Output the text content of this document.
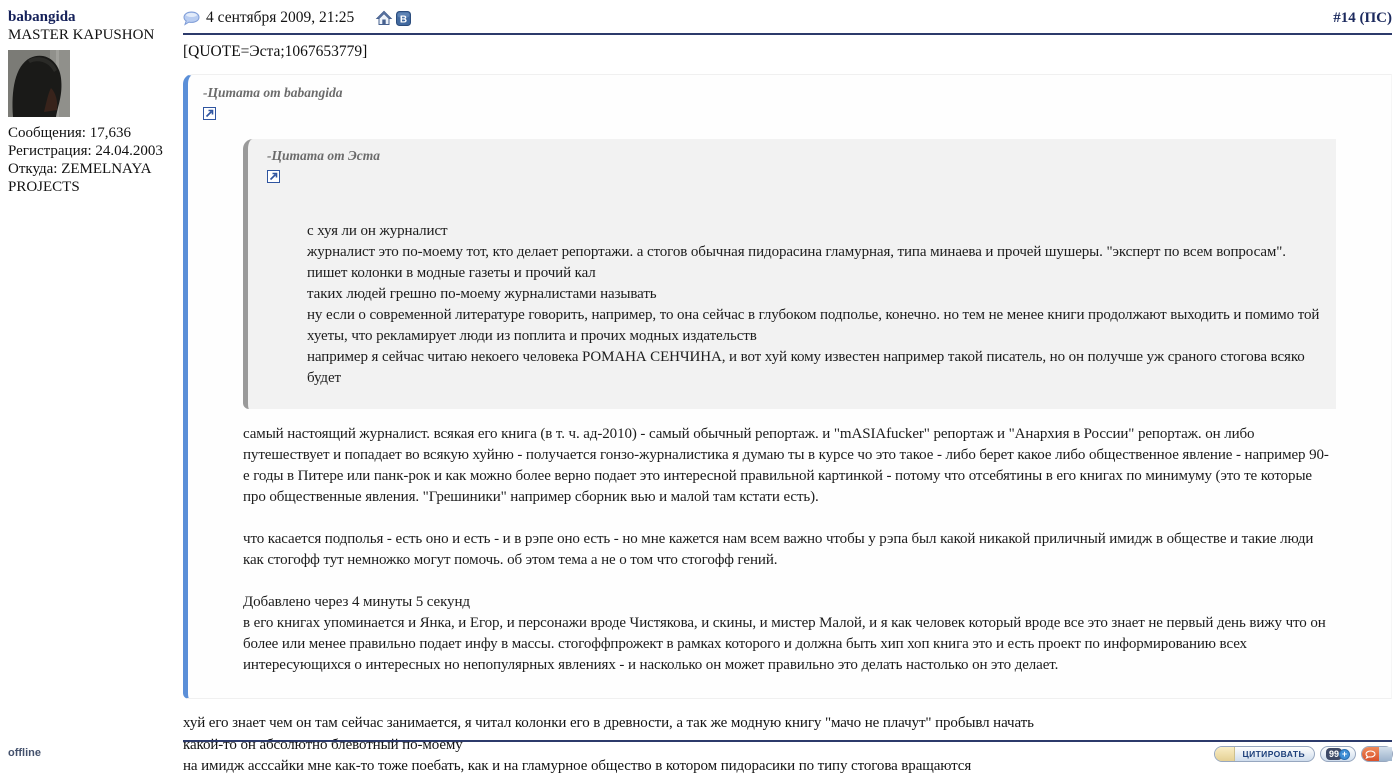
babangida
MASTER KAPUSHON
Сообщения: 17,636
Регистрация: 24.04.2003
Откуда: ZEMELNAYA PROJECTS
4 сентября 2009, 21:25	B	#14 (ПС)
[QUOTE=Эста;1067653779]
-Цитата от babangida
-Цитата от Эста
с хуя ли он журналист
журналист это по-моему тот, кто делает репортажи. а стогов обычная пидорасина гламурная, типа минаева и прочей шушеры. "эксперт по всем вопросам". пишет колонки в модные газеты и прочий кал
таких людей грешно по-моему журналистами называть
ну если о современной литературе говорить, например, то она сейчас в глубоком подполье, конечно. но тем не менее книги продолжают выходить и помимо той хуеты, что рекламирует люди из поплита и прочих модных издательств
например я сейчас читаю некоего человека РОМАНА СЕНЧИНА, и вот хуй кому известен например такой писатель, но он получше уж сраного стогова всяко будет

самый настоящий журналист. всякая его книга (в т. ч. ад-2010) - самый обычный репортаж. и "mASIAfucker" репортаж и "Анархия в России" репортаж. он либо путешествует и попадает во всякую хуйню - получается гонзо-журналистика я думаю ты в курсе чо это такое - либо берет какое либо общественное явление - например 90-е годы в Питере или панк-рок и как можно более верно подает это интересной правильной картинкой - потому что отсебятины в его книгах по минимуму (это те которые про общественные явления. "Грешиники" например сборник вью и малой там кстати есть).

что касается подполья - есть оно и есть - и в рэпе оно есть - но мне кажется нам всем важно чтобы у рэпа был какой никакой приличный имидж в обществе и такие люди как стогофф тут немножко могут помочь. об этом тема а не о том что стогофф гений.

Добавлено через 4 минуты 5 секунд

в его книгах упоминается и Янка, и Егор, и персонажи вроде Чистякова, и скины, и мистер Малой, и я как человек который вроде все это знает не первый день вижу что он более или менее правильно подает инфу в массы. стогоффпрожект в рамках которого и должна быть хип хоп книга это и есть проект по информированию всех интересующихся о интересных но непопулярных явлениях - и насколько он может правильно это делать настолько он это делает.

хуй его знает чем он там сейчас занимается, я читал колонки его в древности, а так же модную книгу "мачо не плачут" пробывл начать
какой-то он абсолютно блевотный по-моему
на имидж асссайки мне как-то тоже поебать, как и на гламурное общество в котором пидорасики по типу стогова вращаются
offline	ЦИТИРОВАТЬ	99 +
